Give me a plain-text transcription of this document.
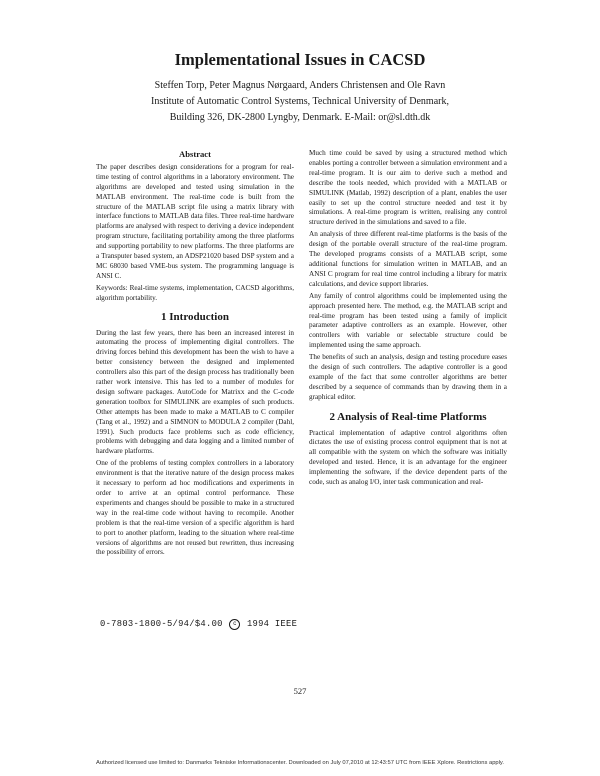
Implementational Issues in CACSD
Steffen Torp, Peter Magnus Nørgaard, Anders Christensen and Ole Ravn
Institute of Automatic Control Systems, Technical University of Denmark,
Building 326, DK-2800 Lyngby, Denmark. E-Mail: or@sl.dth.dk
Abstract

The paper describes design considerations for a program for real-time testing of control algorithms in a laboratory environment. The algorithms are developed and tested using simulation in the MATLAB environment. The real-time code is built from the structure of the MATLAB script file using a matrix library with interface functions to MATLAB data files. Three real-time hardware platforms are analysed with respect to deriving a device independent program structure, facilitating portability among the three platforms and supporting portability to new platforms. The three platforms are a Transputer based system, an ADSP21020 based DSP system and a MC 68030 based VME-bus system. The programming language is ANSI C.

Keywords: Real-time systems, implementation, CACSD algorithms, algorithm portability.

1 Introduction

During the last few years, there has been an increased interest in automating the process of implementing digital controllers. The driving forces behind this development has been the wish to have a better consistency between the designed and implemented controllers also this part of the design process has traditionally been rather work intensive. This has led to a number of modules for design software packages. AutoCode for Matrixx and the C-code generation toolbox for SIMULINK are examples of such products. Other attempts has been made to make a MATLAB to C compiler (Tang et al., 1992) and a SIMNON to MODULA 2 compiler (Dahl, 1991). Such products face problems such as code efficiency, problems with debugging and data logging and a limited number of hardware platforms.

One of the problems of testing complex controllers in a laboratory environment is that the iterative nature of the design process makes it necessary to perform ad hoc modifications and experiments in order to arrive at an optimal control performance. These experiments and changes should be possible to make in a structured way in the real-time code without having to recompile. Another problem is that the real-time version of a specific algorithm is hard to port to another platform, leading to the situation where real-time versions of algorithms are not reused but rewritten, thus increasing the possibility of errors.

0-7803-1800-5/94/$4.00 c 1994 IEEE

Much time could be saved by using a structured method which enables porting a controller between a simulation environment and a real-time program. It is our aim to derive such a method and describe the tools needed, which provided with a MATLAB or SIMULINK (Matlab, 1992) description of a plant, enables the user easily to set up the control structure needed and test it by simulations. A real-time program is written, realising any control structure derived in the simulations and saved to a file.

An analysis of three different real-time platforms is the basis of the design of the portable overall structure of the real-time program. The developed programs consists of a MATLAB script, some additional functions for simulation written in MATLAB, and an ANSI C program for real time control including a library for matrix calculations, and device support libraries.

Any family of control algorithms could be implemented using the approach presented here. The method, e.g. the MATLAB script and real-time program has been tested using a family of implicit parameter adaptive controllers as an example. However, other controllers with variable or selectable structure could be implemented using the same approach.

The benefits of such an analysis, design and testing procedure eases the design of such controllers. The adaptive controller is a good example of the fact that some controller algorithms are better described by a sequence of commands than by drawing them in a graphical editor.

2 Analysis of Real-time Platforms

Practical implementation of adaptive control algorithms often dictates the use of existing process control equipment that is not at all compatible with the system on which the software was initially developed and tested. Hence, it is an advantage for the engineer implementing the software, if the device dependent parts of the code, such as analog I/O, inter task communication and real-

527
Authorized licensed use limited to: Danmarks Tekniske Informationscenter. Downloaded on July 07,2010 at 12:43:57 UTC from IEEE Xplore. Restrictions apply.
